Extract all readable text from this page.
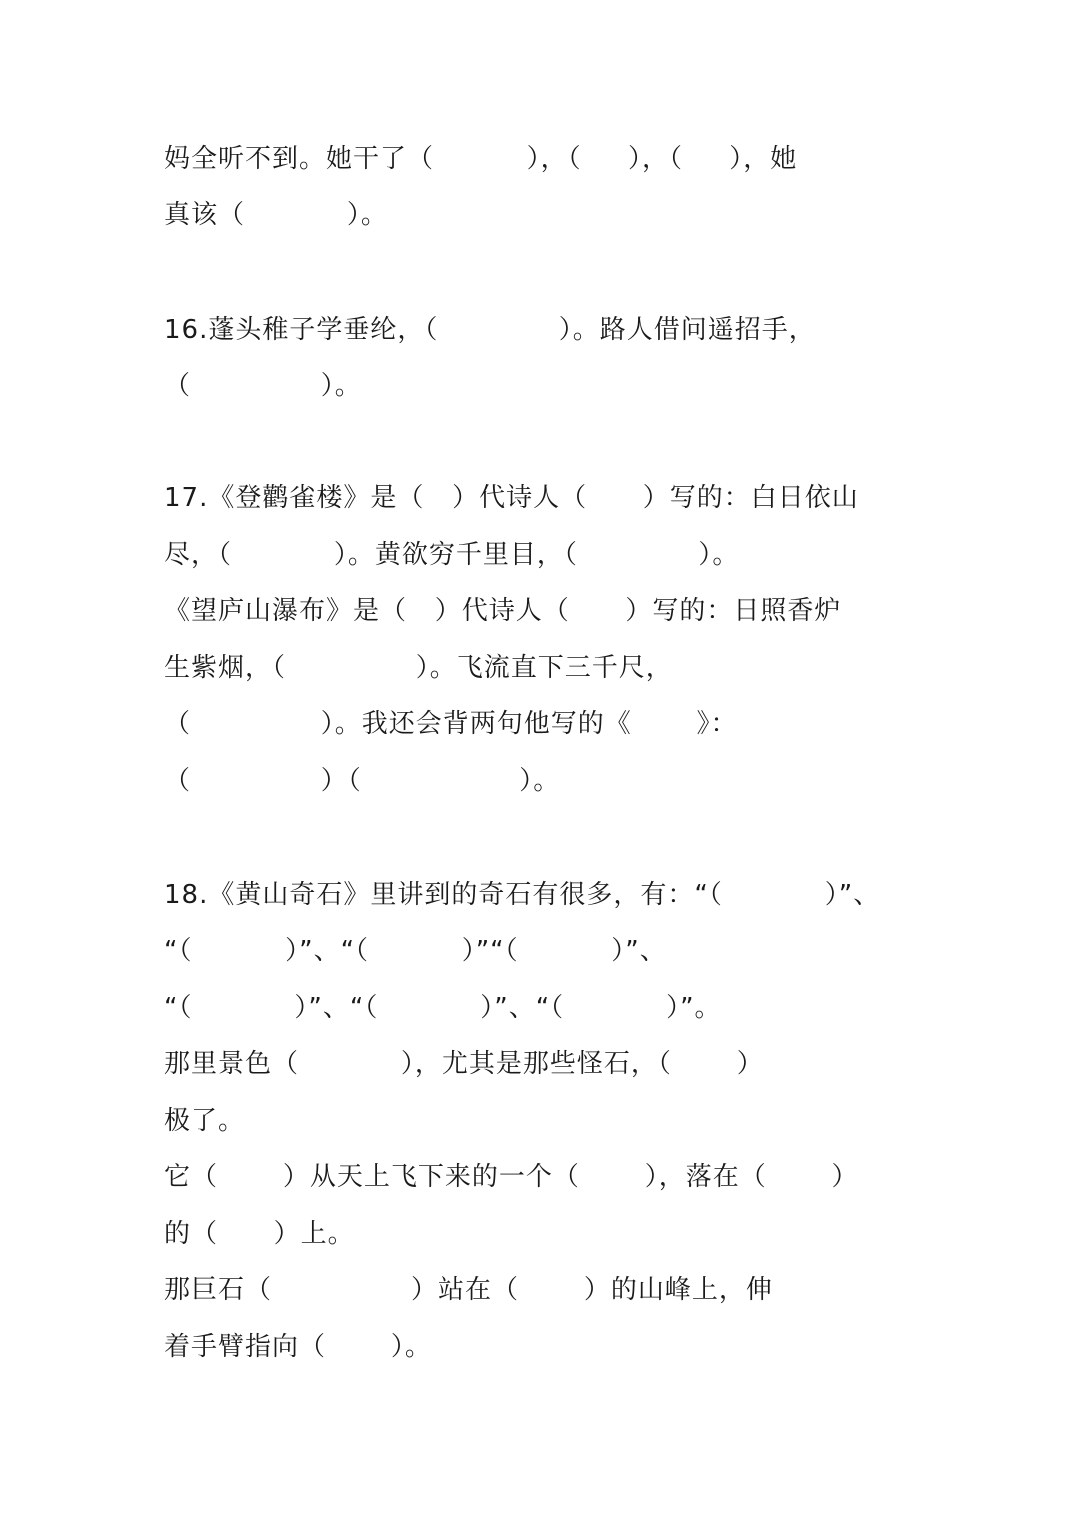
妈全听不到。她干了（          ），（     ），（     ），她
真该（           ）。
16.蓬头稚子学垂纶，（             ）。路人借问遥招手，
（              ）。
17.《登鹳雀楼》是（   ）代诗人（      ）写的：白日依山
尽，（           ）。黄欲穷千里目，（             ）。
《望庐山瀑布》是（   ）代诗人（      ）写的：日照香炉
生紫烟，（              ）。飞流直下三千尺，
（              ）。我还会背两句他写的《       》：
（              ）（                 ）。
18.《黄山奇石》里讲到的奇石有很多，有：“（           ）”、
“（          ）”、“（          ）”“（          ）”、
“（           ）”、“（           ）”、“（           ）”。
那里景色（           ），尤其是那些怪石，（       ）
极了。
它（       ）从天上飞下来的一个（       ），落在（       ）
的（      ）上。
那巨石（               ）站在（       ）的山峰上，伸
着手臂指向（       ）。
